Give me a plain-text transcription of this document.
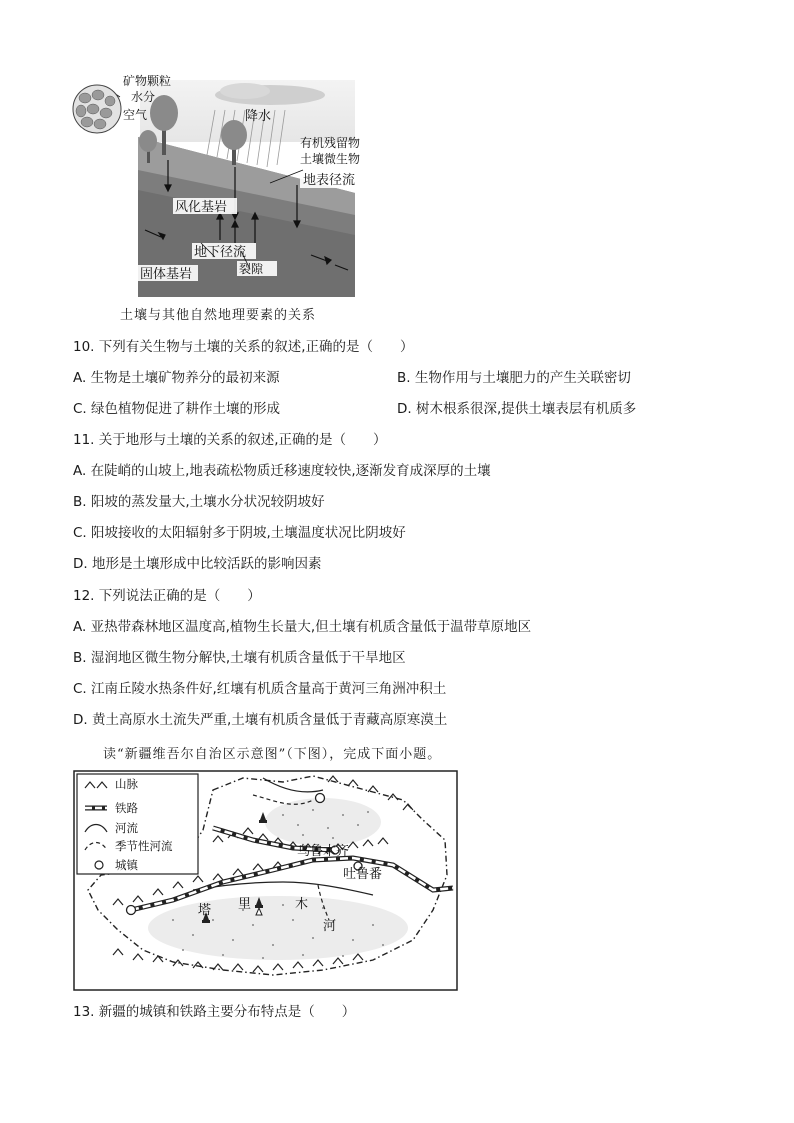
矿物颗粒
水分
空气	降水
有机残留物
土壤微生物
地表径流
风化基岩
地下径流
固体基岩	裂隙
土壤与其他自然地理要素的关系
10. 下列有关生物与土壤的关系的叙述,正确的是（　　）
A. 生物是土壤矿物养分的最初来源	B. 生物作用与土壤肥力的产生关联密切
C. 绿色植物促进了耕作土壤的形成	D. 树木根系很深,提供土壤表层有机质多
11. 关于地形与土壤的关系的叙述,正确的是（　　）
A. 在陡峭的山坡上,地表疏松物质迁移速度较快,逐渐发育成深厚的土壤
B. 阳坡的蒸发量大,土壤水分状况较阴坡好
C. 阳坡接收的太阳辐射多于阴坡,土壤温度状况比阴坡好
D. 地形是土壤形成中比较活跃的影响因素
12. 下列说法正确的是（　　）
A. 亚热带森林地区温度高,植物生长量大,但土壤有机质含量低于温带草原地区
B. 湿润地区微生物分解快,土壤有机质含量低于干旱地区
C. 江南丘陵水热条件好,红壤有机质含量高于黄河三角洲冲积土
D. 黄土高原水土流失严重,土壤有机质含量低于青藏高原寒漠土
读“新疆维吾尔自治区示意图”（下图），完成下面小题。
乌鲁木齐
吐鲁番
塔 里	木
河
山脉
铁路
河流
季节性河流
城镇
13. 新疆的城镇和铁路主要分布特点是（　　）
